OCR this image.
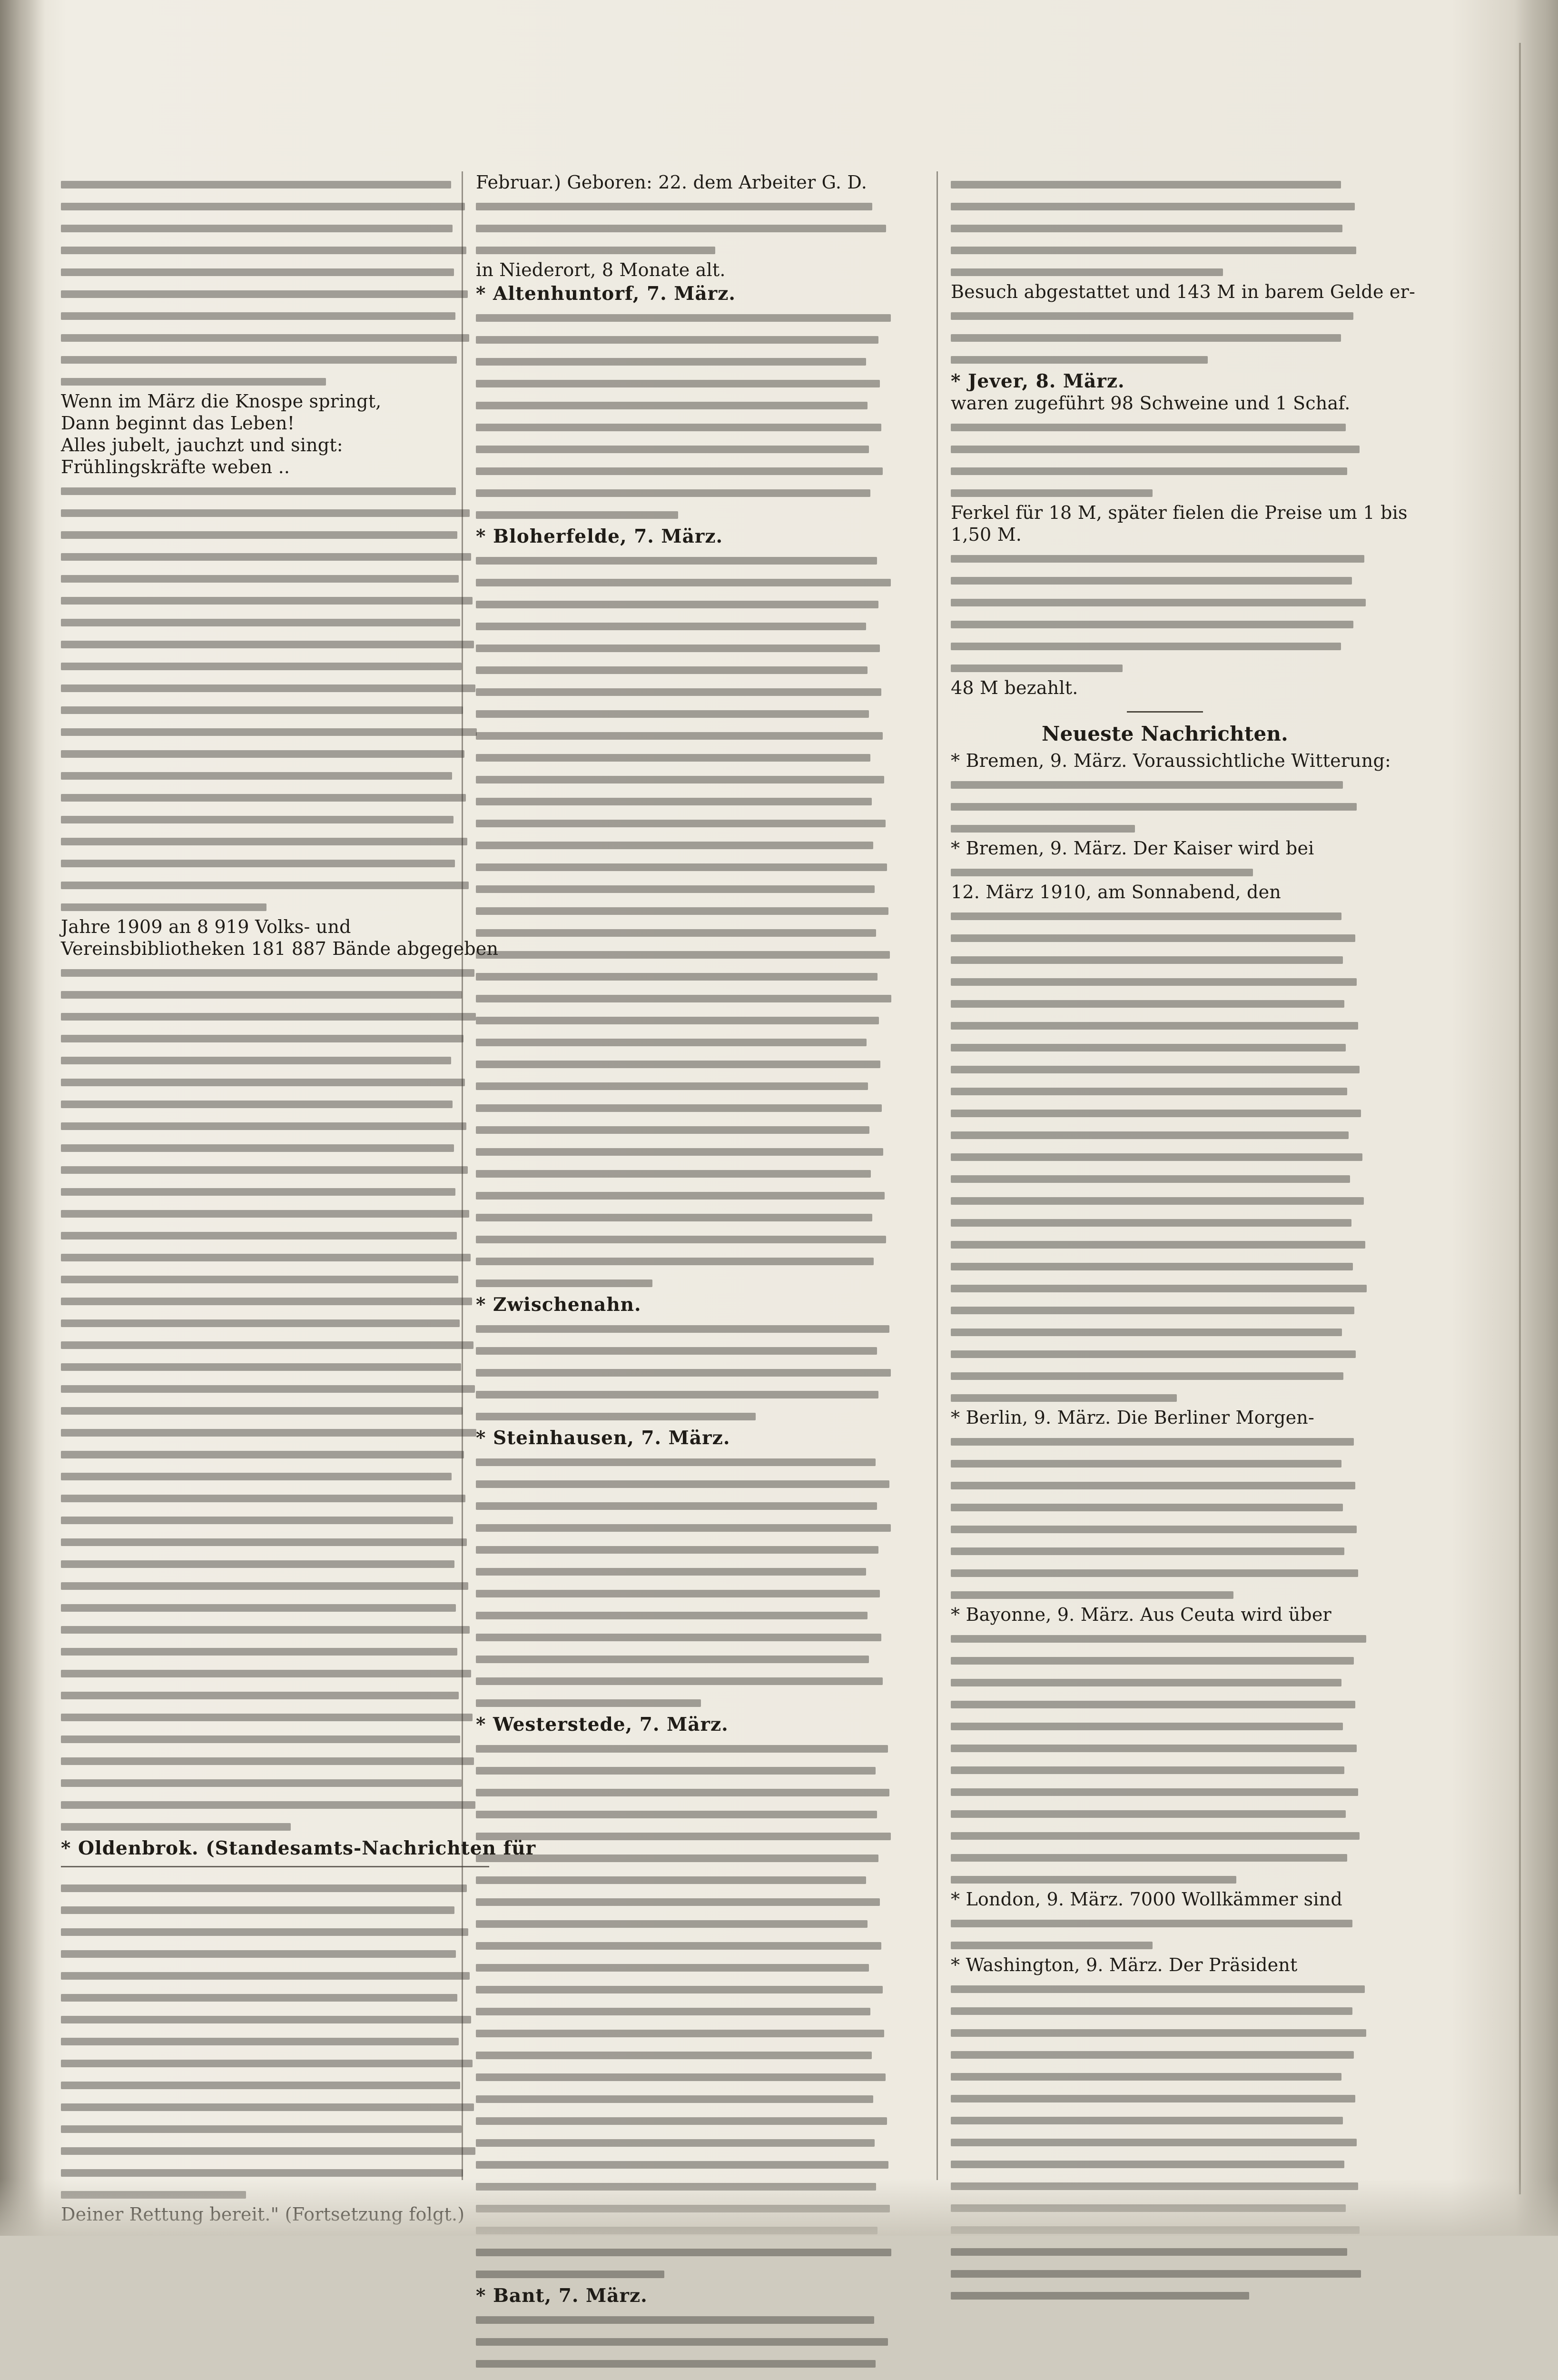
Wenn im März die Knospe springt,
Dann beginnt das Leben!
Alles jubelt, jauchzt und singt:
Frühlingskräfte weben ..
Jahre 1909 an 8 919 Volks- und
Vereinsbibliotheken 181 887 Bände abgegeben
* Oldenbrok. (Standesamts-Nachrichten für
Deiner Rettung bereit." (Fortsetzung folgt.)
Februar.) Geboren: 22. dem Arbeiter G. D.
in Niederort, 8 Monate alt.
* Altenhuntorf, 7. März.
* Bloherfelde, 7. März.
* Zwischenahn.
* Steinhausen, 7. März.
* Westerstede, 7. März.
* Bant, 7. März.
Besuch abgestattet und 143 M in barem Gelde er-
* Jever, 8. März.
waren zugeführt 98 Schweine und 1 Schaf.
Ferkel für 18 M, später fielen die Preise um 1 bis
1,50 M.
48 M bezahlt.
Neueste Nachrichten.
* Bremen, 9. März. Voraussichtliche Witterung:
* Bremen, 9. März. Der Kaiser wird bei
12. März 1910, am Sonnabend, den
* Berlin, 9. März. Die Berliner Morgen-
* Bayonne, 9. März. Aus Ceuta wird über
* London, 9. März. 7000 Wollkämmer sind
* Washington, 9. März. Der Präsident
